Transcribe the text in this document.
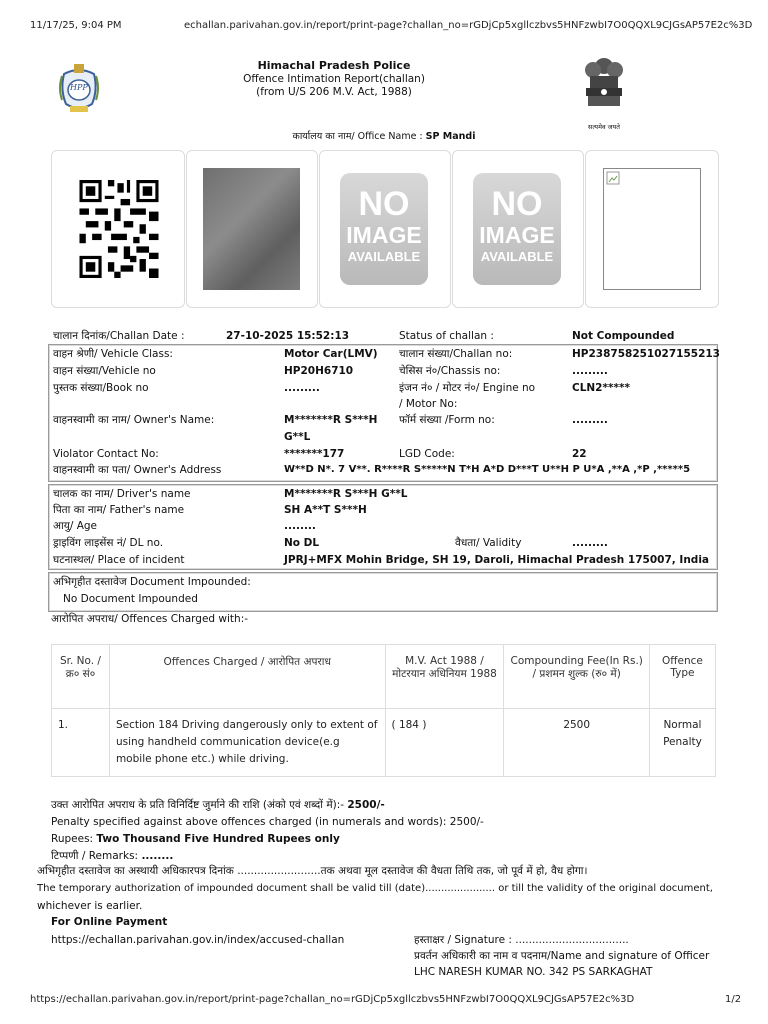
11/17/25, 9:04 PM	echallan.parivahan.gov.in/report/print-page?challan_no=rGDjCp5xgllczbvs5HNFzwbI7O0QQXL9CJGsAP57E2c%3D
HPP
Himachal Pradesh Police
Offence Intimation Report(challan)
(from U/S 206 M.V. Act, 1988)
सत्यमेव जयते
कार्यालय का नाम/ Office Name : SP Mandi
NO
IMAGE
AVAILABLE
NO
IMAGE
AVAILABLE
चालान दिनांक/Challan Date :	27-10-2025 15:52:13	Status of challan :	Not Compounded
वाहन श्रेणी/ Vehicle Class:	Motor Car(LMV) चालान संख्या/Challan no:	HP238758251027155213
वाहन संख्या/Vehicle no	HP20H6710	चेसिस नं०/Chassis no:	.........
पुस्तक संख्या/Book no	.........	इंजन नं० / मोटर नं०/ Engine no	CLN2*****
/ Motor No:
वाहनस्वामी का नाम/ Owner's Name:	M*******R S***H फॉर्म संख्या /Form no:	.........
G**L
Violator Contact No:	*******177	LGD Code:	22
वाहनस्वामी का पता/ Owner's Address	W**D N*. 7 V**. R****R S*****N T*H A*D D***T U**H P U*A ,**A ,*P ,*****5
चालक का नाम/ Driver's name	M*******R S***H G**L
पिता का नाम/ Father's name	SH A**T S***H
आयु/ Age	........
ड्राइविंग लाइसेंस नं/ DL no.	No DL	वैधता/ Validity	.........
घटनास्थल/ Place of incident	JPRJ+MFX Mohin Bridge, SH 19, Daroli, Himachal Pradesh 175007, India
अभिगृहीत दस्तावेज Document Impounded:
No Document Impounded
आरोपित अपराध/ Offences Charged with:-
Sr. No. / क्र० सं०	Offences Charged / आरोपित अपराध	M.V. Act 1988 / मोटरयान अधिनियम 1988	Compounding Fee(In Rs.) / प्रशमन शुल्क (रु० में)	Offence Type
1.	Section 184 Driving dangerously only to extent of using handheld communication device(e.g mobile phone etc.) while driving.	( 184 )	2500	Normal Penalty
उक्त आरोपित अपराध के प्रति विनिर्दिष्ट जुर्माने की राशि (अंको एवं शब्दों में):- 2500/-
Penalty specified against above offences charged (in numerals and words): 2500/-
Rupees: Two Thousand Five Hundred Rupees only
टिप्पणी / Remarks: ........
अभिगृहीत दस्तावेज का अस्थायी अधिकारपत्र दिनांक .........................तक अथवा मूल दस्तावेज की वैधता तिथि तक, जो पूर्व में हो, वैध होगा।
The temporary authorization of impounded document shall be valid till (date)...................... or till the validity of the original document,
whichever is earlier.
For Online Payment
https://echallan.parivahan.gov.in/index/accused-challan	हस्ताक्षर / Signature : ..................................
प्रवर्तन अधिकारी का नाम व पदनाम/Name and signature of Officer
LHC NARESH KUMAR NO. 342 PS SARKAGHAT
https://echallan.parivahan.gov.in/report/print-page?challan_no=rGDjCp5xgllczbvs5HNFzwbI7O0QQXL9CJGsAP57E2c%3D	1/2
